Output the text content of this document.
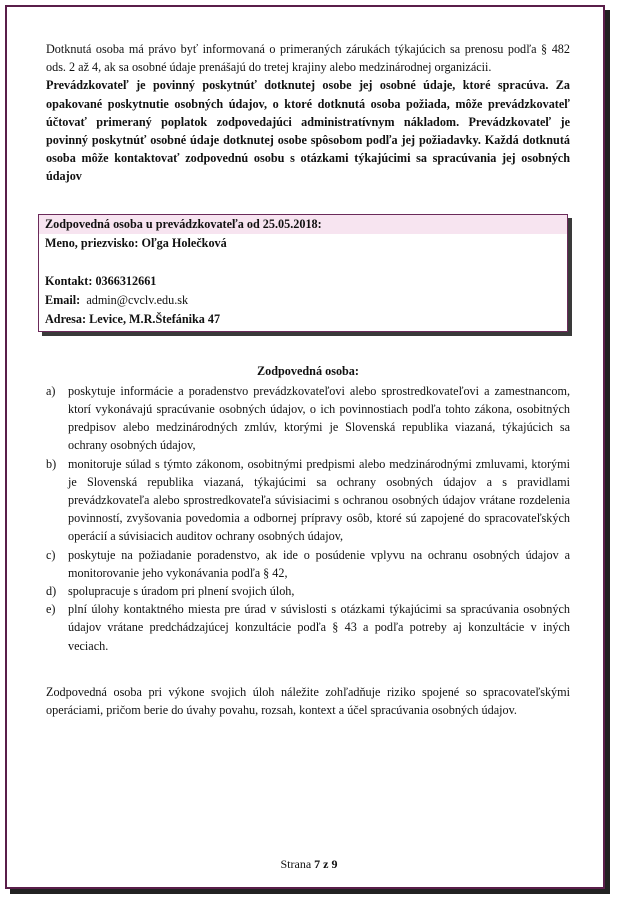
Dotknutá osoba má právo byť informovaná o primeraných zárukách týkajúcich sa prenosu podľa § 482 ods. 2 až 4, ak sa osobné údaje prenášajú do tretej krajiny alebo medzinárodnej organizácii.

Prevádzkovateľ je povinný poskytnúť dotknutej osobe jej osobné údaje, ktoré spracúva. Za opakované poskytnutie osobných údajov, o ktoré dotknutá osoba požiada, môže prevádzkovateľ účtovať primeraný poplatok zodpovedajúci administratívnym nákladom. Prevádzkovateľ je povinný poskytnúť osobné údaje dotknutej osobe spôsobom podľa jej požiadavky. Každá dotknutá osoba môže kontaktovať zodpovednú osobu s otázkami týkajúcimi sa spracúvania jej osobných údajov

Zodpovedná osoba u prevádzkovateľa od 25.05.2018:
Meno, priezvisko: Oľga Holečková
Kontakt: 0366312661
Email: admin@cvclv.edu.sk
Adresa: Levice, M.R.Štefánika 47
Zodpovedná osoba:
a)	poskytuje informácie a poradenstvo prevádzkovateľovi alebo sprostredkovateľovi a zamestnancom, ktorí vykonávajú spracúvanie osobných údajov, o ich povinnostiach podľa tohto zákona, osobitných predpisov alebo medzinárodných zmlúv, ktorými je Slovenská republika viazaná, týkajúcich sa ochrany osobných údajov,
b) monitoruje súlad s týmto zákonom, osobitnými predpismi alebo medzinárodnými zmluvami, ktorými je Slovenská republika viazaná, týkajúcimi sa ochrany osobných údajov a s pravidlami prevádzkovateľa alebo sprostredkovateľa súvisiacimi s ochranou osobných údajov vrátane rozdelenia povinností, zvyšovania povedomia a odbornej prípravy osôb, ktoré sú zapojené do spracovateľských operácií a súvisiacich auditov ochrany osobných údajov,
c)	poskytuje na požiadanie poradenstvo, ak ide o posúdenie vplyvu na ochranu osobných údajov a monitorovanie jeho vykonávania podľa § 42,
d) spolupracuje s úradom pri plnení svojich úloh,
e)	plní úlohy kontaktného miesta pre úrad v súvislosti s otázkami týkajúcimi sa spracúvania osobných údajov vrátane predchádzajúcej konzultácie podľa § 43 a podľa potreby aj konzultácie v iných veciach.

Zodpovedná osoba pri výkone svojich úloh náležite zohľadňuje riziko spojené so spracovateľskými operáciami, pričom berie do úvahy povahu, rozsah, kontext a účel spracúvania osobných údajov.

Strana 7 z 9
